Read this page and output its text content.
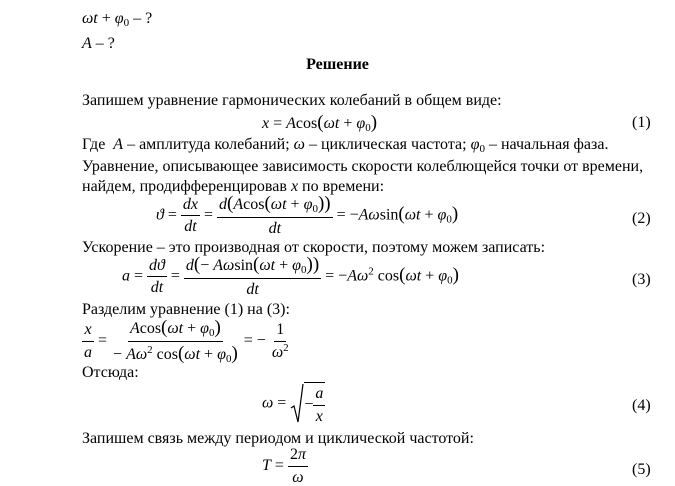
$\omega t + \varphi_0$ – ?
A – ?
Решение
Запишем уравнение гармонических колебаний в общем виде:
$x = Acos(\omega t + \varphi_0)$	(1)
Где A – амплитуда колебаний; ω – циклическая частота; $\varphi_0$ – начальная фаза.
Уравнение, описывающее зависимость скорости колеблющейся точки от времени,
найдем, продифференцировав x по времени:
$ϑ = \frac{dx}{dt} = \frac{d(Acos(\omega t + \varphi_0))}{dt} = -A\omega\sin(\omega t + \varphi_0)$	(2)
Ускорение – это производная от скорости, поэтому можем записать:
$a = \frac{dϑ}{dt} = \frac{d(- A\omega\sin(\omega t + \varphi_0))}{dt} = -A\omega^2$ $\cos(\omega t + \varphi_0)$	(3)
Разделим уравнение (1) на (3):
$\frac{x}{a} = \frac{Acos(\omega t + \varphi_0)}{- A\omega^2 \cos(\omega t + \varphi_0)}$ = − $\frac{1}{\omega^2}$
Отсюда:
ω = − $\frac{a}{x}$	(4)
Запишем связь между периодом и циклической частотой:
$T = \frac{2\pi}{\omega}$	(5)
